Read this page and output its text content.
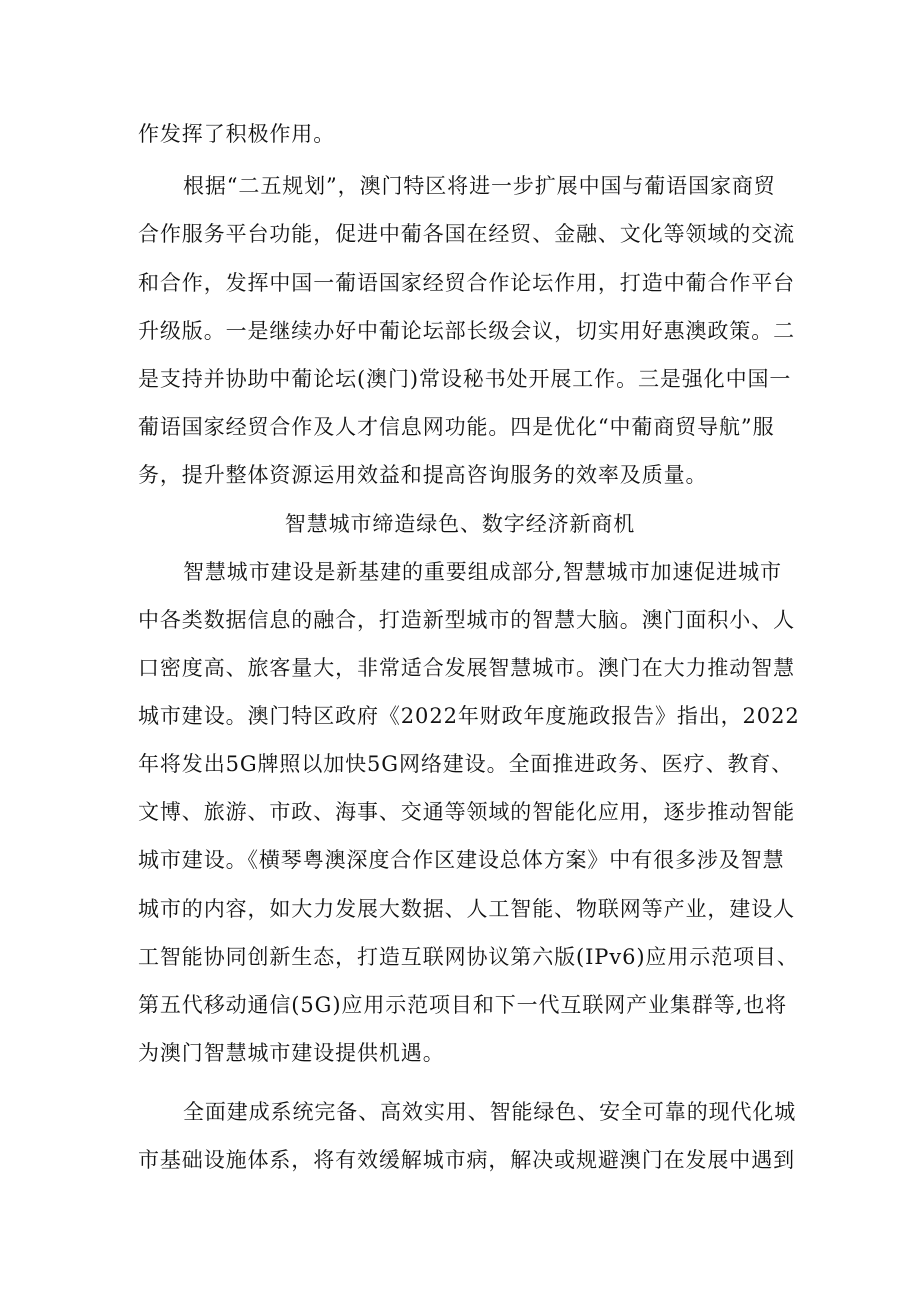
作发挥了积极作用。
根据“二五规划”，澳门特区将进一步扩展中国与葡语国家商贸
合作服务平台功能，促进中葡各国在经贸、金融、文化等领域的交流
和合作，发挥中国一葡语国家经贸合作论坛作用，打造中葡合作平台
升级版。一是继续办好中葡论坛部长级会议，切实用好惠澳政策。二
是支持并协助中葡论坛(澳门)常设秘书处开展工作。三是强化中国一
葡语国家经贸合作及人才信息网功能。四是优化“中葡商贸导航”服
务，提升整体资源运用效益和提高咨询服务的效率及质量。
智慧城市缔造绿色、数字经济新商机
智慧城市建设是新基建的重要组成部分,智慧城市加速促进城市
中各类数据信息的融合，打造新型城市的智慧大脑。澳门面积小、人
口密度高、旅客量大，非常适合发展智慧城市。澳门在大力推动智慧
城市建设。澳门特区政府《2022年财政年度施政报告》指出，2022
年将发出5G牌照以加快5G网络建设。全面推进政务、医疗、教育、
文博、旅游、市政、海事、交通等领域的智能化应用，逐步推动智能
城市建设。《横琴粤澳深度合作区建设总体方案》中有很多涉及智慧
城市的内容，如大力发展大数据、人工智能、物联网等产业，建设人
工智能协同创新生态，打造互联网协议第六版(IPv6)应用示范项目、
第五代移动通信(5G)应用示范项目和下一代互联网产业集群等,也将
为澳门智慧城市建设提供机遇。
全面建成系统完备、高效实用、智能绿色、安全可靠的现代化城
市基础设施体系，将有效缓解城市病，解决或规避澳门在发展中遇到
